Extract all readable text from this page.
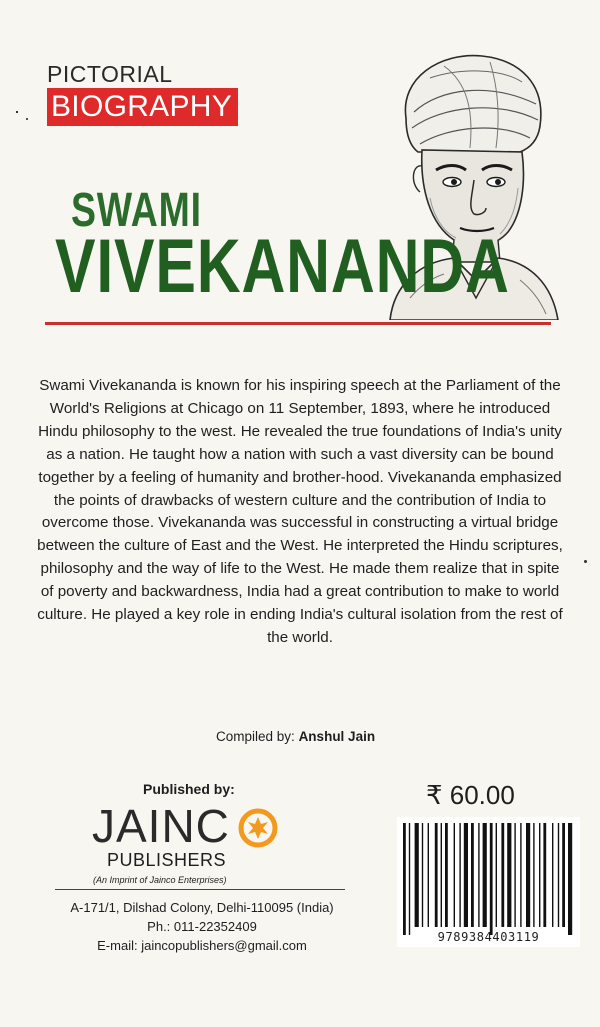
PICTORIAL
BIOGRAPHY
SWAMI
VIVEKANANDA
Swami Vivekananda is known for his inspiring speech at the Parliament of the World's Religions at Chicago on 11 September, 1893, where he introduced Hindu philosophy to the west. He revealed the true foundations of India's unity as a nation. He taught how a nation with such a vast diversity can be bound together by a feeling of humanity and brother-hood. Vivekananda emphasized the points of drawbacks of western culture and the contribution of India to overcome those. Vivekananda was successful in constructing a virtual bridge between the culture of East and the West. He interpreted the Hindu scriptures, philosophy and the way of life to the West. He made them realize that in spite of poverty and backwardness, India had a great contribution to make to world culture. He played a key role in ending India's cultural isolation from the rest of the world.
Compiled by: Anshul Jain
Published by:
JAINC
PUBLISHERS
(An Imprint of Jainco Enterprises)
A-171/1, Dilshad Colony, Delhi-110095 (India)
Ph.: 011-22352409
E-mail: jaincopublishers@gmail.com
₹ 60.00
9789384403119
